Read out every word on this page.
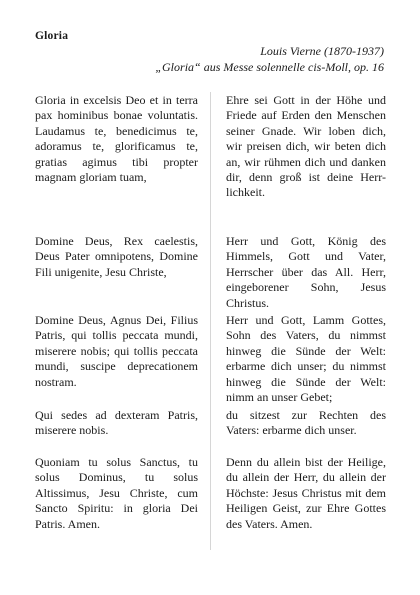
Gloria
Louis Vierne (1870-1937)
„Gloria“ aus Messe solennelle cis-Moll, op. 16

Gloria in excelsis Deo et in terra pax hominibus bonae voluntatis. Laudamus te, benedicimus te, adoramus te, glorificamus te, gratias agimus tibi propter magnam gloriam tuam,

Ehre sei Gott in der Höhe und Friede auf Erden den Menschen seiner Gnade. Wir loben dich, wir preisen dich, wir beten dich an, wir rühmen dich und danken dir, denn groß ist deine Herr-lichkeit.

Domine Deus, Rex caelestis, Deus Pater omnipotens, Domine Fili unigenite, Jesu Christe,

Herr und Gott, König des Himmels, Gott und Vater, Herrscher über das All. Herr, eingeborener Sohn, Jesus Christus.

Domine Deus, Agnus Dei, Filius Patris, qui tollis peccata mundi, miserere nobis; qui tollis peccata mundi, suscipe deprecationem nostram.

Herr und Gott, Lamm Gottes, Sohn des Vaters, du nimmst hinweg die Sünde der Welt: erbarme dich unser; du nimmst hinweg die Sünde der Welt: nimm an unser Gebet;

Qui sedes ad dexteram Patris, miserere nobis.

du sitzest zur Rechten des Vaters: erbarme dich unser.

Quoniam tu solus Sanctus, tu solus Dominus, tu solus Altissimus, Jesu Christe, cum Sancto Spiritu: in gloria Dei Patris. Amen.

Denn du allein bist der Heilige, du allein der Herr, du allein der Höchste: Jesus Christus mit dem Heiligen Geist, zur Ehre Gottes des Vaters. Amen.
